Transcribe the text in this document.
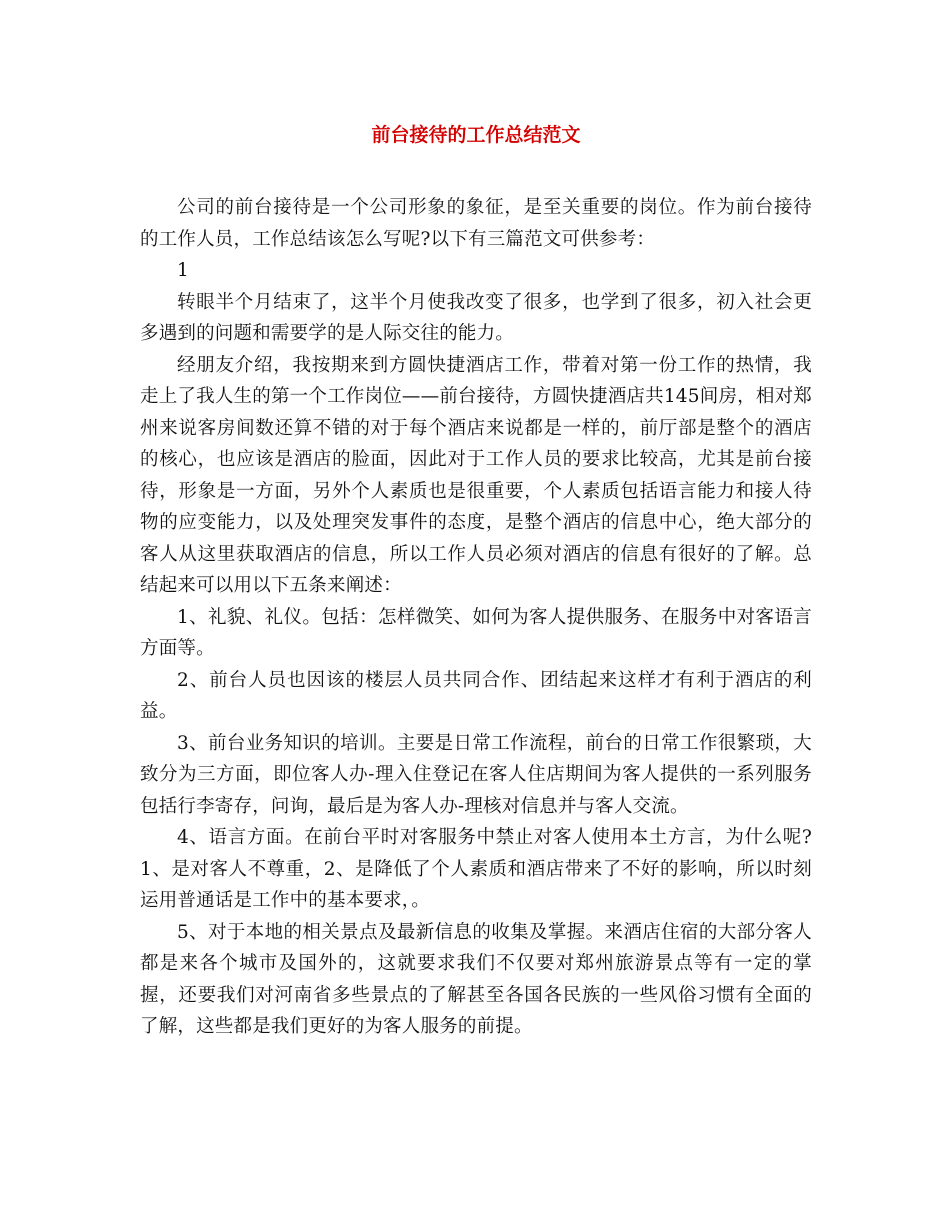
前台接待的工作总结范文

公司的前台接待是一个公司形象的象征，是至关重要的岗位。作为前台接待的工作人员，工作总结该怎么写呢?以下有三篇范文可供参考：

1

转眼半个月结束了，这半个月使我改变了很多，也学到了很多，初入社会更多遇到的问题和需要学的是人际交往的能力。

经朋友介绍，我按期来到方圆快捷酒店工作，带着对第一份工作的热情，我走上了我人生的第一个工作岗位——前台接待，方圆快捷酒店共145间房，相对郑州来说客房间数还算不错的对于每个酒店来说都是一样的，前厅部是整个的酒店的核心，也应该是酒店的脸面，因此对于工作人员的要求比较高，尤其是前台接待，形象是一方面，另外个人素质也是很重要，个人素质包括语言能力和接人待物的应变能力，以及处理突发事件的态度，是整个酒店的信息中心，绝大部分的客人从这里获取酒店的信息，所以工作人员必须对酒店的信息有很好的了解。总结起来可以用以下五条来阐述：

1、礼貌、礼仪。包括：怎样微笑、如何为客人提供服务、在服务中对客语言方面等。

2、前台人员也因该的楼层人员共同合作、团结起来这样才有利于酒店的利益。

3、前台业务知识的培训。主要是日常工作流程，前台的日常工作很繁琐，大致分为三方面，即位客人办-理入住登记在客人住店期间为客人提供的一系列服务包括行李寄存，问询，最后是为客人办-理核对信息并与客人交流。

4、语言方面。在前台平时对客服务中禁止对客人使用本土方言，为什么呢?1、是对客人不尊重，2、是降低了个人素质和酒店带来了不好的影响，所以时刻运用普通话是工作中的基本要求，。

5、对于本地的相关景点及最新信息的收集及掌握。来酒店住宿的大部分客人都是来各个城市及国外的，这就要求我们不仅要对郑州旅游景点等有一定的掌握，还要我们对河南省多些景点的了解甚至各国各民族的一些风俗习惯有全面的了解，这些都是我们更好的为客人服务的前提。
